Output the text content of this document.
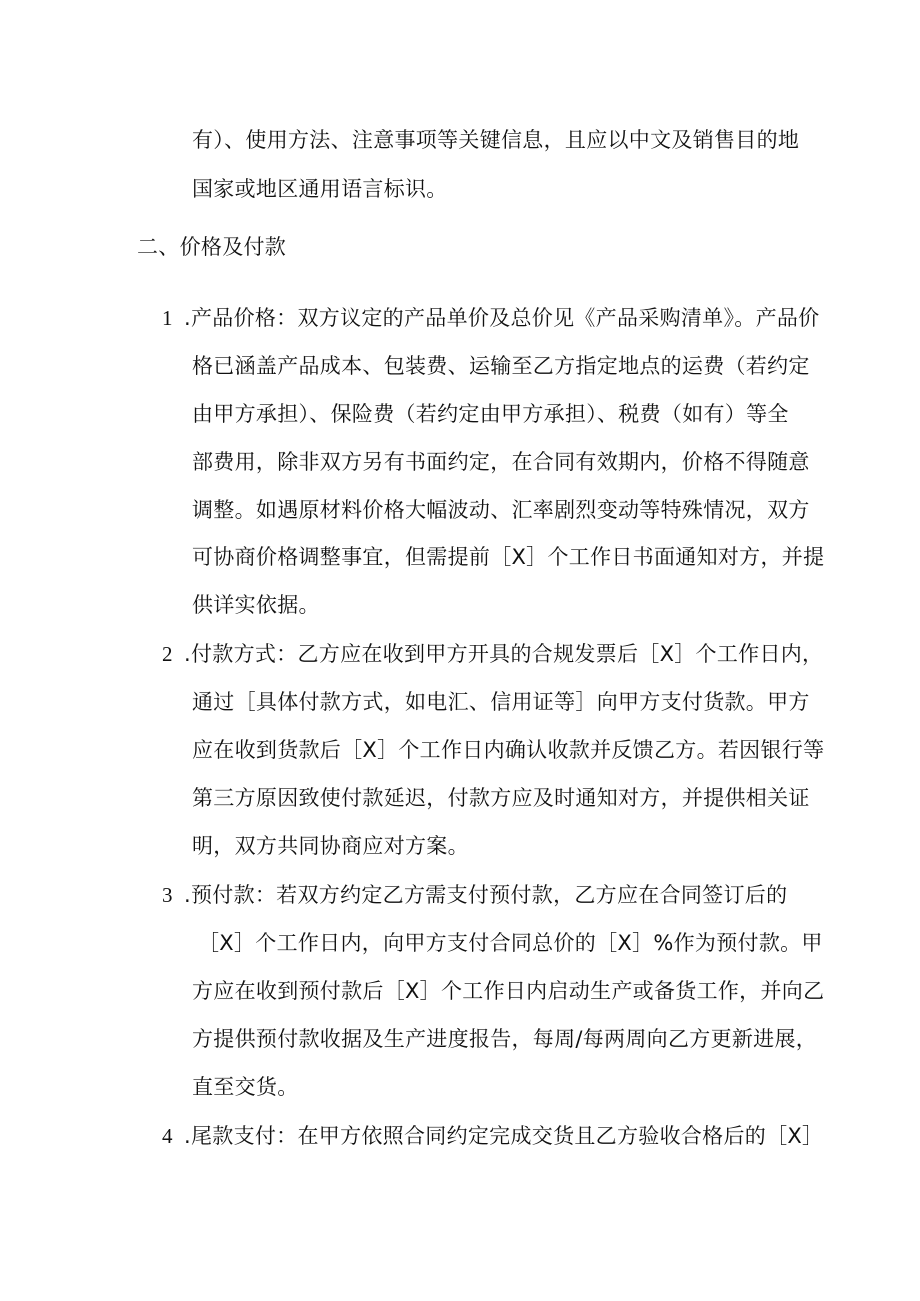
有）、使用方法、注意事项等关键信息，且应以中文及销售目的地
国家或地区通用语言标识。
二、价格及付款
1 .产品价格：双方议定的产品单价及总价见《产品采购清单》。产品价
格已涵盖产品成本、包装费、运输至乙方指定地点的运费（若约定
由甲方承担）、保险费（若约定由甲方承担）、税费（如有）等全
部费用，除非双方另有书面约定，在合同有效期内，价格不得随意
调整。如遇原材料价格大幅波动、汇率剧烈变动等特殊情况，双方
可协商价格调整事宜，但需提前［X］个工作日书面通知对方，并提
供详实依据。
2 .付款方式：乙方应在收到甲方开具的合规发票后［X］个工作日内，
通过［具体付款方式，如电汇、信用证等］向甲方支付货款。甲方
应在收到货款后［X］个工作日内确认收款并反馈乙方。若因银行等
第三方原因致使付款延迟，付款方应及时通知对方，并提供相关证
明，双方共同协商应对方案。
3 .预付款：若双方约定乙方需支付预付款，乙方应在合同签订后的
［X］个工作日内，向甲方支付合同总价的［X］%作为预付款。甲
方应在收到预付款后［X］个工作日内启动生产或备货工作，并向乙
方提供预付款收据及生产进度报告，每周/每两周向乙方更新进展，
直至交货。
4 .尾款支付：在甲方依照合同约定完成交货且乙方验收合格后的［X］
